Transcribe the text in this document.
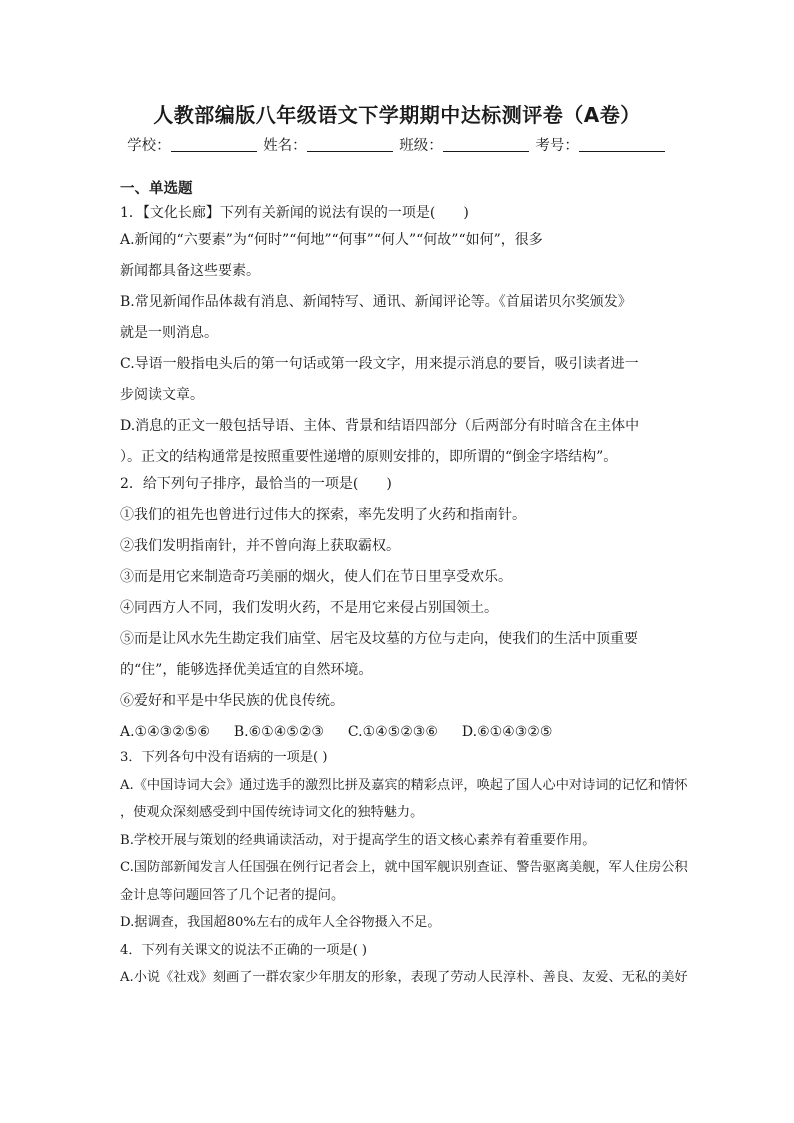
人教部编版八年级语文下学期期中达标测评卷（A卷）
学校：	姓名：	班级：	考号：
一、单选题
1．【文化长廊】下列有关新闻的说法有误的一项是(　　)
A.新闻的“六要素”为“何时”“何地”“何事”“何人”“何故”“如何”，很多
新闻都具备这些要素。
B.常见新闻作品体裁有消息、新闻特写、通讯、新闻评论等。《首届诺贝尔奖颁发》
就是一则消息。
C.导语一般指电头后的第一句话或第一段文字，用来提示消息的要旨，吸引读者进一
步阅读文章。
D.消息的正文一般包括导语、主体、背景和结语四部分（后两部分有时暗含在主体中
）。正文的结构通常是按照重要性递增的原则安排的，即所谓的“倒金字塔结构”。
2．给下列句子排序，最恰当的一项是(　　)
①我们的祖先也曾进行过伟大的探索，率先发明了火药和指南针。
②我们发明指南针，并不曾向海上获取霸权。
③而是用它来制造奇巧美丽的烟火，使人们在节日里享受欢乐。
④同西方人不同，我们发明火药，不是用它来侵占别国领土。
⑤而是让风水先生勘定我们庙堂、居宅及坟墓的方位与走向，使我们的生活中顶重要
的“住”，能够选择优美适宜的自然环境。
⑥爱好和平是中华民族的优良传统。
A.①④③②⑤⑥ B.⑥①④⑤②③ C.①④⑤②③⑥ D.⑥①④③②⑤
3．下列各句中没有语病的一项是( )
A.《中国诗词大会》通过选手的激烈比拼及嘉宾的精彩点评，唤起了国人心中对诗词的记忆和情怀
，使观众深刻感受到中国传统诗词文化的独特魅力。
B.学校开展与策划的经典诵读活动，对于提高学生的语文核心素养有着重要作用。
C.国防部新闻发言人任国强在例行记者会上，就中国军舰识别查证、警告驱离美舰，军人住房公积
金计息等问题回答了几个记者的提问。
D.据调查，我国超80%左右的成年人全谷物摄入不足。
4．下列有关课文的说法不正确的一项是( )
A.小说《社戏》刻画了一群农家少年朋友的形象，表现了劳动人民淳朴、善良、友爱、无私的美好
